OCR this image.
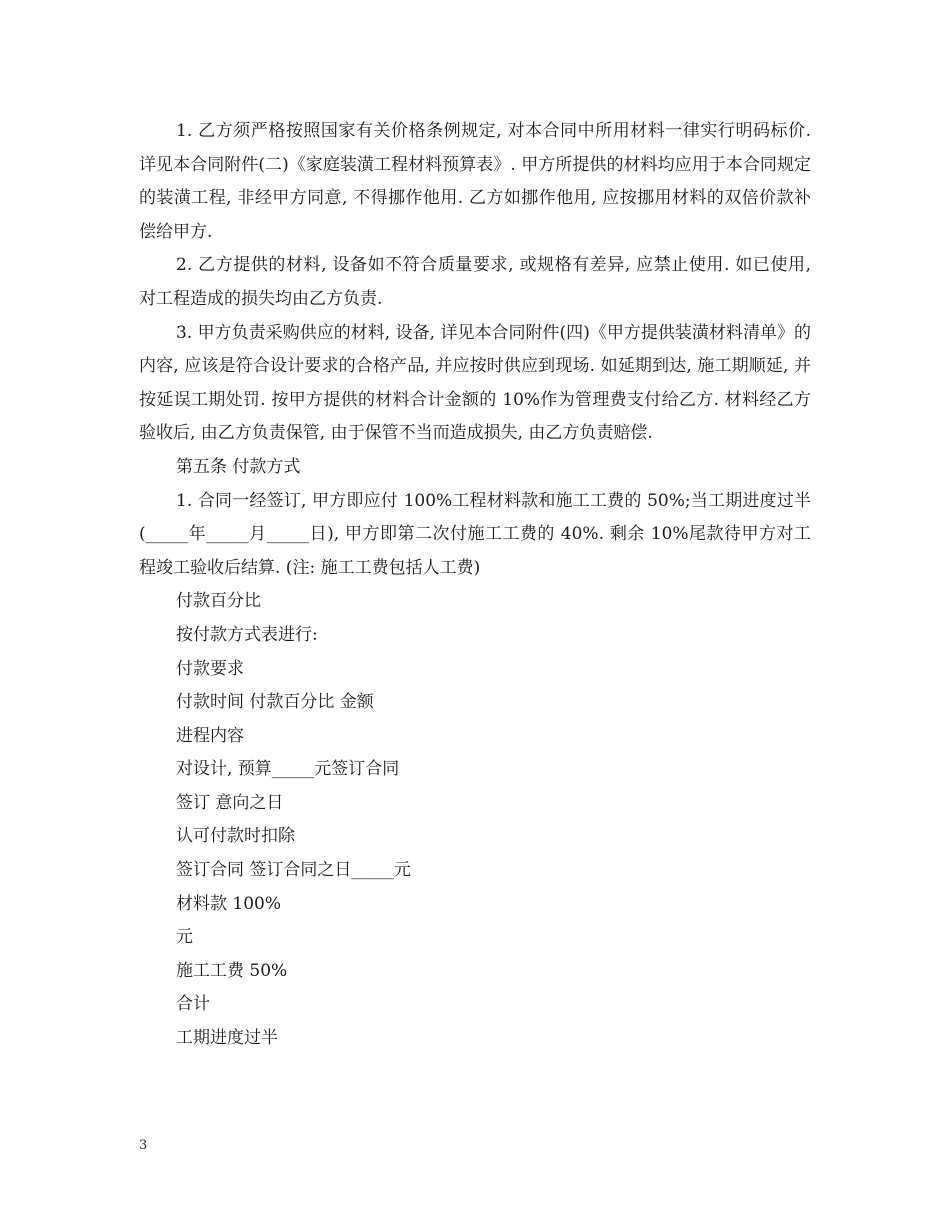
1. 乙方须严格按照国家有关价格条例规定, 对本合同中所用材料一律实行明码标价. 详见本合同附件(二)《家庭装潢工程材料预算表》. 甲方所提供的材料均应用于本合同规定的装潢工程, 非经甲方同意, 不得挪作他用. 乙方如挪作他用, 应按挪用材料的双倍价款补偿给甲方.

2. 乙方提供的材料, 设备如不符合质量要求, 或规格有差异, 应禁止使用. 如已使用, 对工程造成的损失均由乙方负责.

3. 甲方负责采购供应的材料, 设备, 详见本合同附件(四)《甲方提供装潢材料清单》的内容, 应该是符合设计要求的合格产品, 并应按时供应到现场. 如延期到达, 施工期顺延, 并按延误工期处罚. 按甲方提供的材料合计金额的 10%作为管理费支付给乙方. 材料经乙方验收后, 由乙方负责保管, 由于保管不当而造成损失, 由乙方负责赔偿.

第五条 付款方式

1. 合同一经签订, 甲方即应付 100%工程材料款和施工工费的 50%;当工期进度过半(_____年_____月_____日), 甲方即第二次付施工工费的 40%. 剩余 10%尾款待甲方对工程竣工验收后结算. (注: 施工工费包括人工费)

付款百分比

按付款方式表进行:

付款要求

付款时间 付款百分比 金额

进程内容

对设计, 预算_____元签订合同

签订 意向之日

认可付款时扣除

签订合同 签订合同之日_____元

材料款 100%

元

施工工费 50%

合计

工期进度过半

3
